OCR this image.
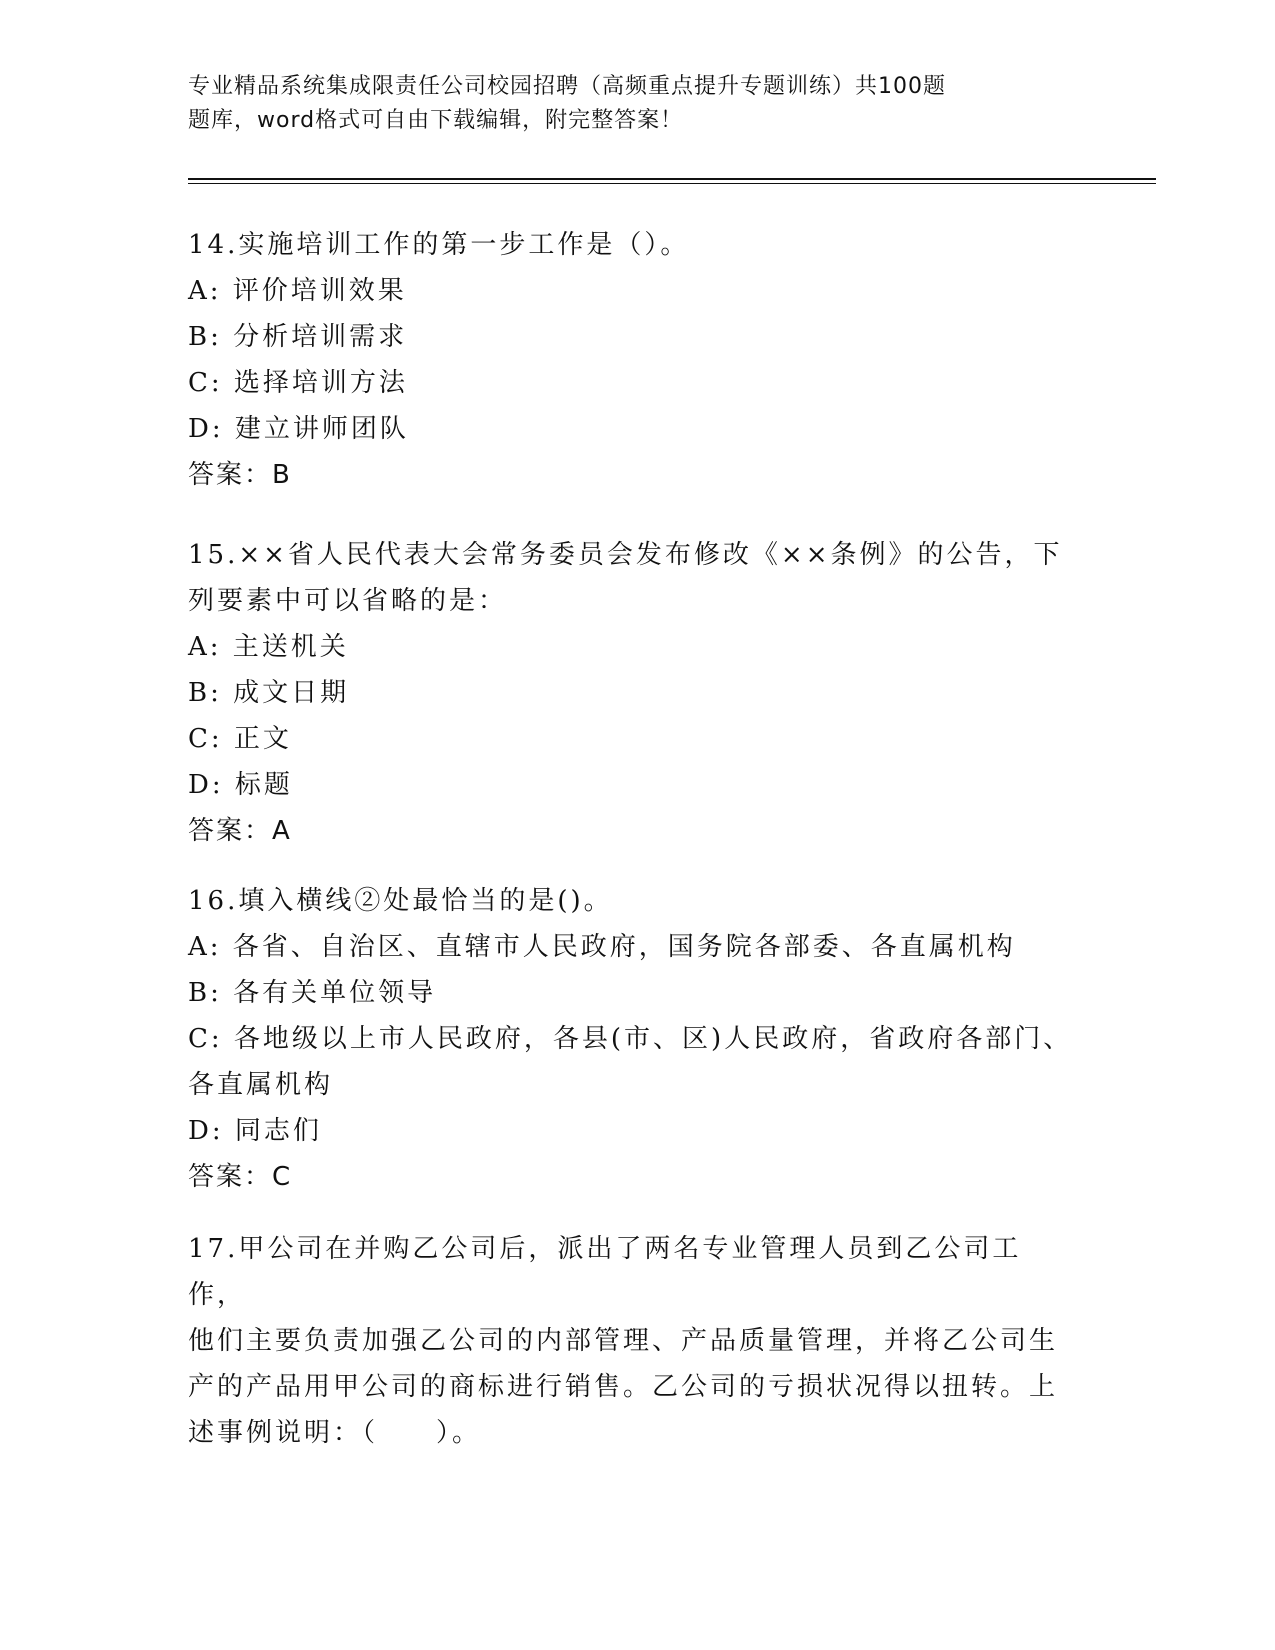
专业精品系统集成限责任公司校园招聘（高频重点提升专题训练）共100题
题库，word格式可自由下载编辑，附完整答案！
14.实施培训工作的第一步工作是（）。
A: 评价培训效果
B: 分析培训需求
C: 选择培训方法
D: 建立讲师团队
答案：B
15.××省人民代表大会常务委员会发布修改《××条例》的公告，下
列要素中可以省略的是：
A: 主送机关
B: 成文日期
C: 正文
D: 标题
答案：A
16.填入横线②处最恰当的是()。
A: 各省、自治区、直辖市人民政府，国务院各部委、各直属机构
B: 各有关单位领导
C: 各地级以上市人民政府，各县(市、区)人民政府，省政府各部门、
各直属机构
D: 同志们
答案：C
17.甲公司在并购乙公司后，派出了两名专业管理人员到乙公司工作，
他们主要负责加强乙公司的内部管理、产品质量管理，并将乙公司生
产的产品用甲公司的商标进行销售。乙公司的亏损状况得以扭转。上
述事例说明：（　　）。
